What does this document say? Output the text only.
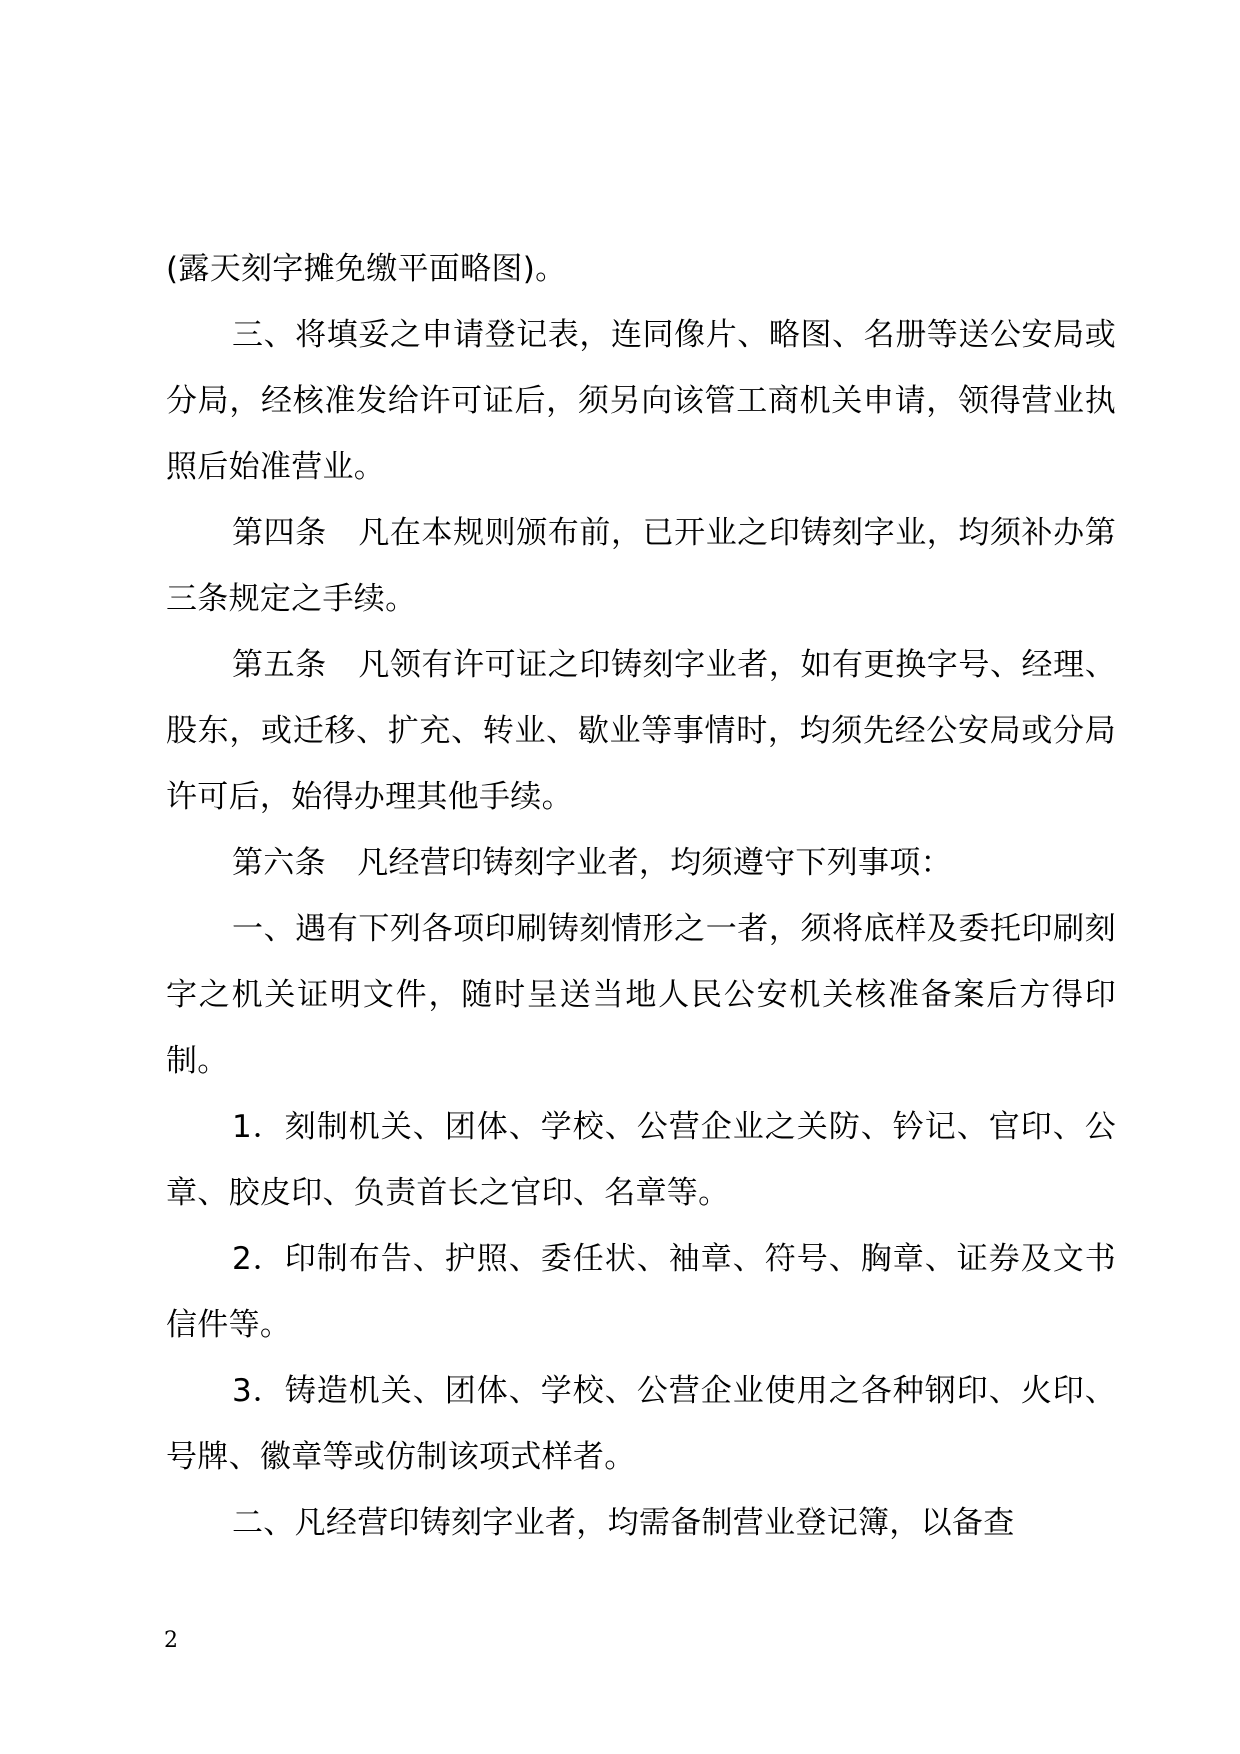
(露天刻字摊免缴平面略图)。

三、将填妥之申请登记表，连同像片、略图、名册等送公安局或分局，经核准发给许可证后，须另向该管工商机关申请，领得营业执照后始准营业。

第四条　凡在本规则颁布前，已开业之印铸刻字业，均须补办第三条规定之手续。

第五条　凡领有许可证之印铸刻字业者，如有更换字号、经理、股东，或迁移、扩充、转业、歇业等事情时，均须先经公安局或分局许可后，始得办理其他手续。

第六条　凡经营印铸刻字业者，均须遵守下列事项：

一、遇有下列各项印刷铸刻情形之一者，须将底样及委托印刷刻字之机关证明文件，随时呈送当地人民公安机关核准备案后方得印制。

1．刻制机关、团体、学校、公营企业之关防、钤记、官印、公章、胶皮印、负责首长之官印、名章等。

2．印制布告、护照、委任状、袖章、符号、胸章、证券及文书信件等。

3．铸造机关、团体、学校、公营企业使用之各种钢印、火印、号牌、徽章等或仿制该项式样者。

二、凡经营印铸刻字业者，均需备制营业登记簿，以备查

2
